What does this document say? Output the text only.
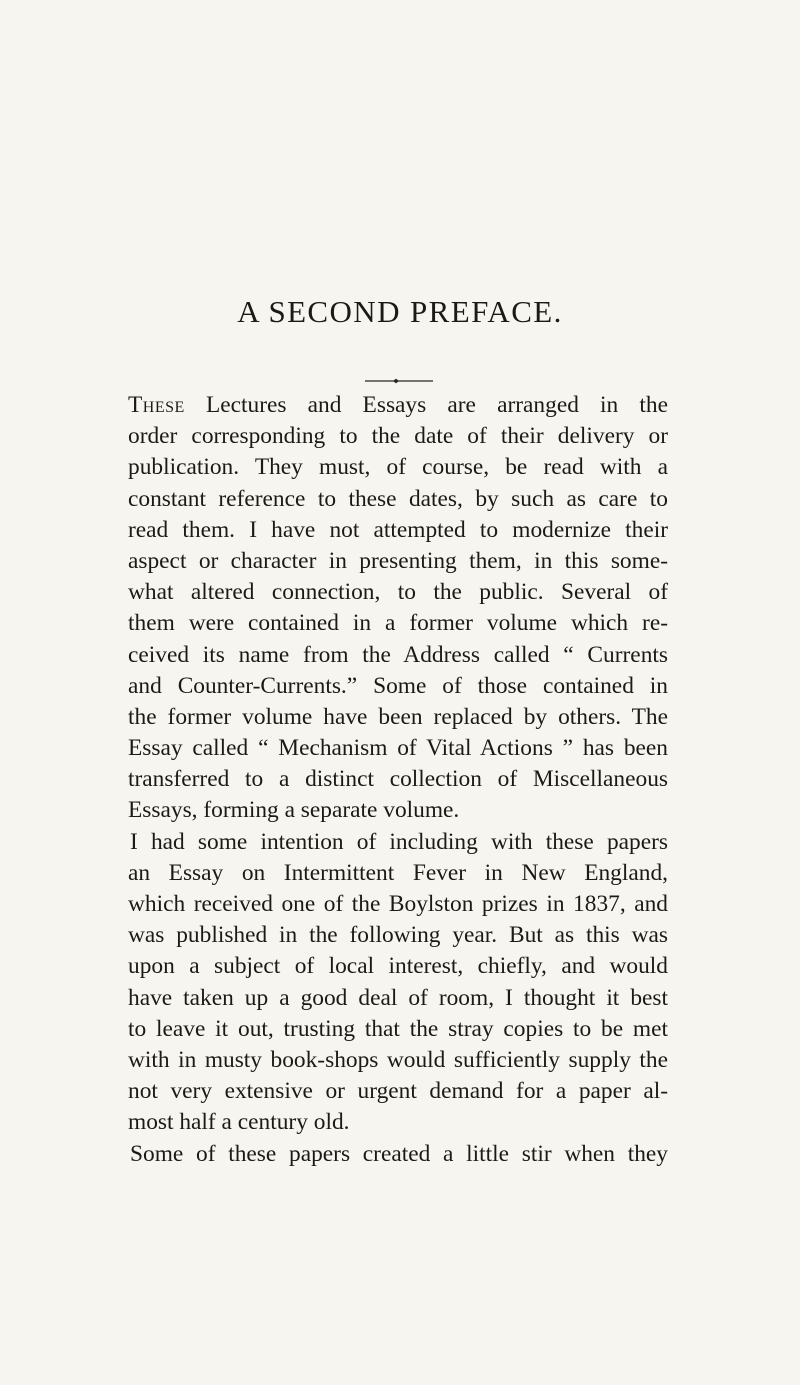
A SECOND PREFACE.
These Lectures and Essays are arranged in the
order corresponding to the date of their delivery or
publication. They must, of course, be read with a
constant reference to these dates, by such as care to
read them. I have not attempted to modernize their
aspect or character in presenting them, in this some-
what altered connection, to the public. Several of
them were contained in a former volume which re-
ceived its name from the Address called “ Currents
and Counter-Currents.” Some of those contained in
the former volume have been replaced by others. The
Essay called “ Mechanism of Vital Actions ” has been
transferred to a distinct collection of Miscellaneous
Essays, forming a separate volume.
I had some intention of including with these papers
an Essay on Intermittent Fever in New England,
which received one of the Boylston prizes in 1837, and
was published in the following year. But as this was
upon a subject of local interest, chiefly, and would
have taken up a good deal of room, I thought it best
to leave it out, trusting that the stray copies to be met
with in musty book-shops would sufficiently supply the
not very extensive or urgent demand for a paper al-
most half a century old.
Some of these papers created a little stir when they
